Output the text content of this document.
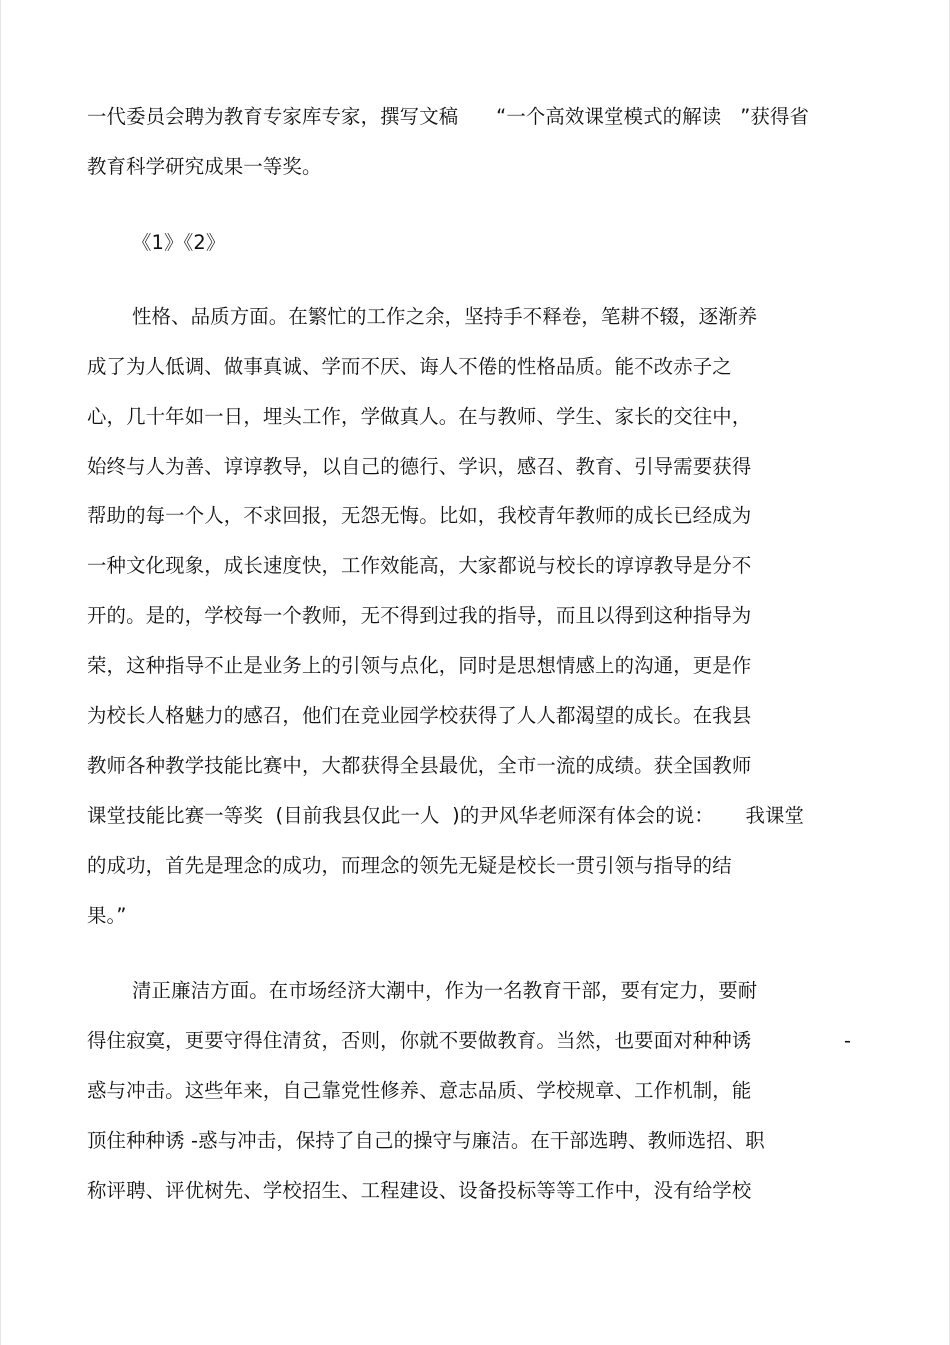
一代委员会聘为教育专家库专家，撰写文稿      “一个高效课堂模式的解读   ”获得省

教育科学研究成果一等奖。

《1》《2》

性格、品质方面。在繁忙的工作之余，坚持手不释卷，笔耕不辍，逐渐养

成了为人低调、做事真诚、学而不厌、诲人不倦的性格品质。能不改赤子之

心，几十年如一日，埋头工作，学做真人。在与教师、学生、家长的交往中，

始终与人为善、谆谆教导，以自己的德行、学识，感召、教育、引导需要获得

帮助的每一个人，不求回报，无怨无悔。比如，我校青年教师的成长已经成为

一种文化现象，成长速度快，工作效能高，大家都说与校长的谆谆教导是分不

开的。是的，学校每一个教师，无不得到过我的指导，而且以得到这种指导为

荣，这种指导不止是业务上的引领与点化，同时是思想情感上的沟通，更是作

为校长人格魅力的感召，他们在竞业园学校获得了人人都渴望的成长。在我县

教师各种教学技能比赛中，大都获得全县最优，全市一流的成绩。获全国教师

课堂技能比赛一等奖  (目前我县仅此一人  )的尹风华老师深有体会的说：     我课堂

的成功，首先是理念的成功，而理念的领先无疑是校长一贯引领与指导的结

果。”

清正廉洁方面。在市场经济大潮中，作为一名教育干部，要有定力，要耐

得住寂寞，更要守得住清贫，否则，你就不要做教育。当然，也要面对种种诱	-

惑与冲击。这些年来，自己靠党性修养、意志品质、学校规章、工作机制，能

顶住种种诱 -惑与冲击，保持了自己的操守与廉洁。在干部选聘、教师选招、职

称评聘、评优树先、学校招生、工程建设、设备投标等等工作中，没有给学校
